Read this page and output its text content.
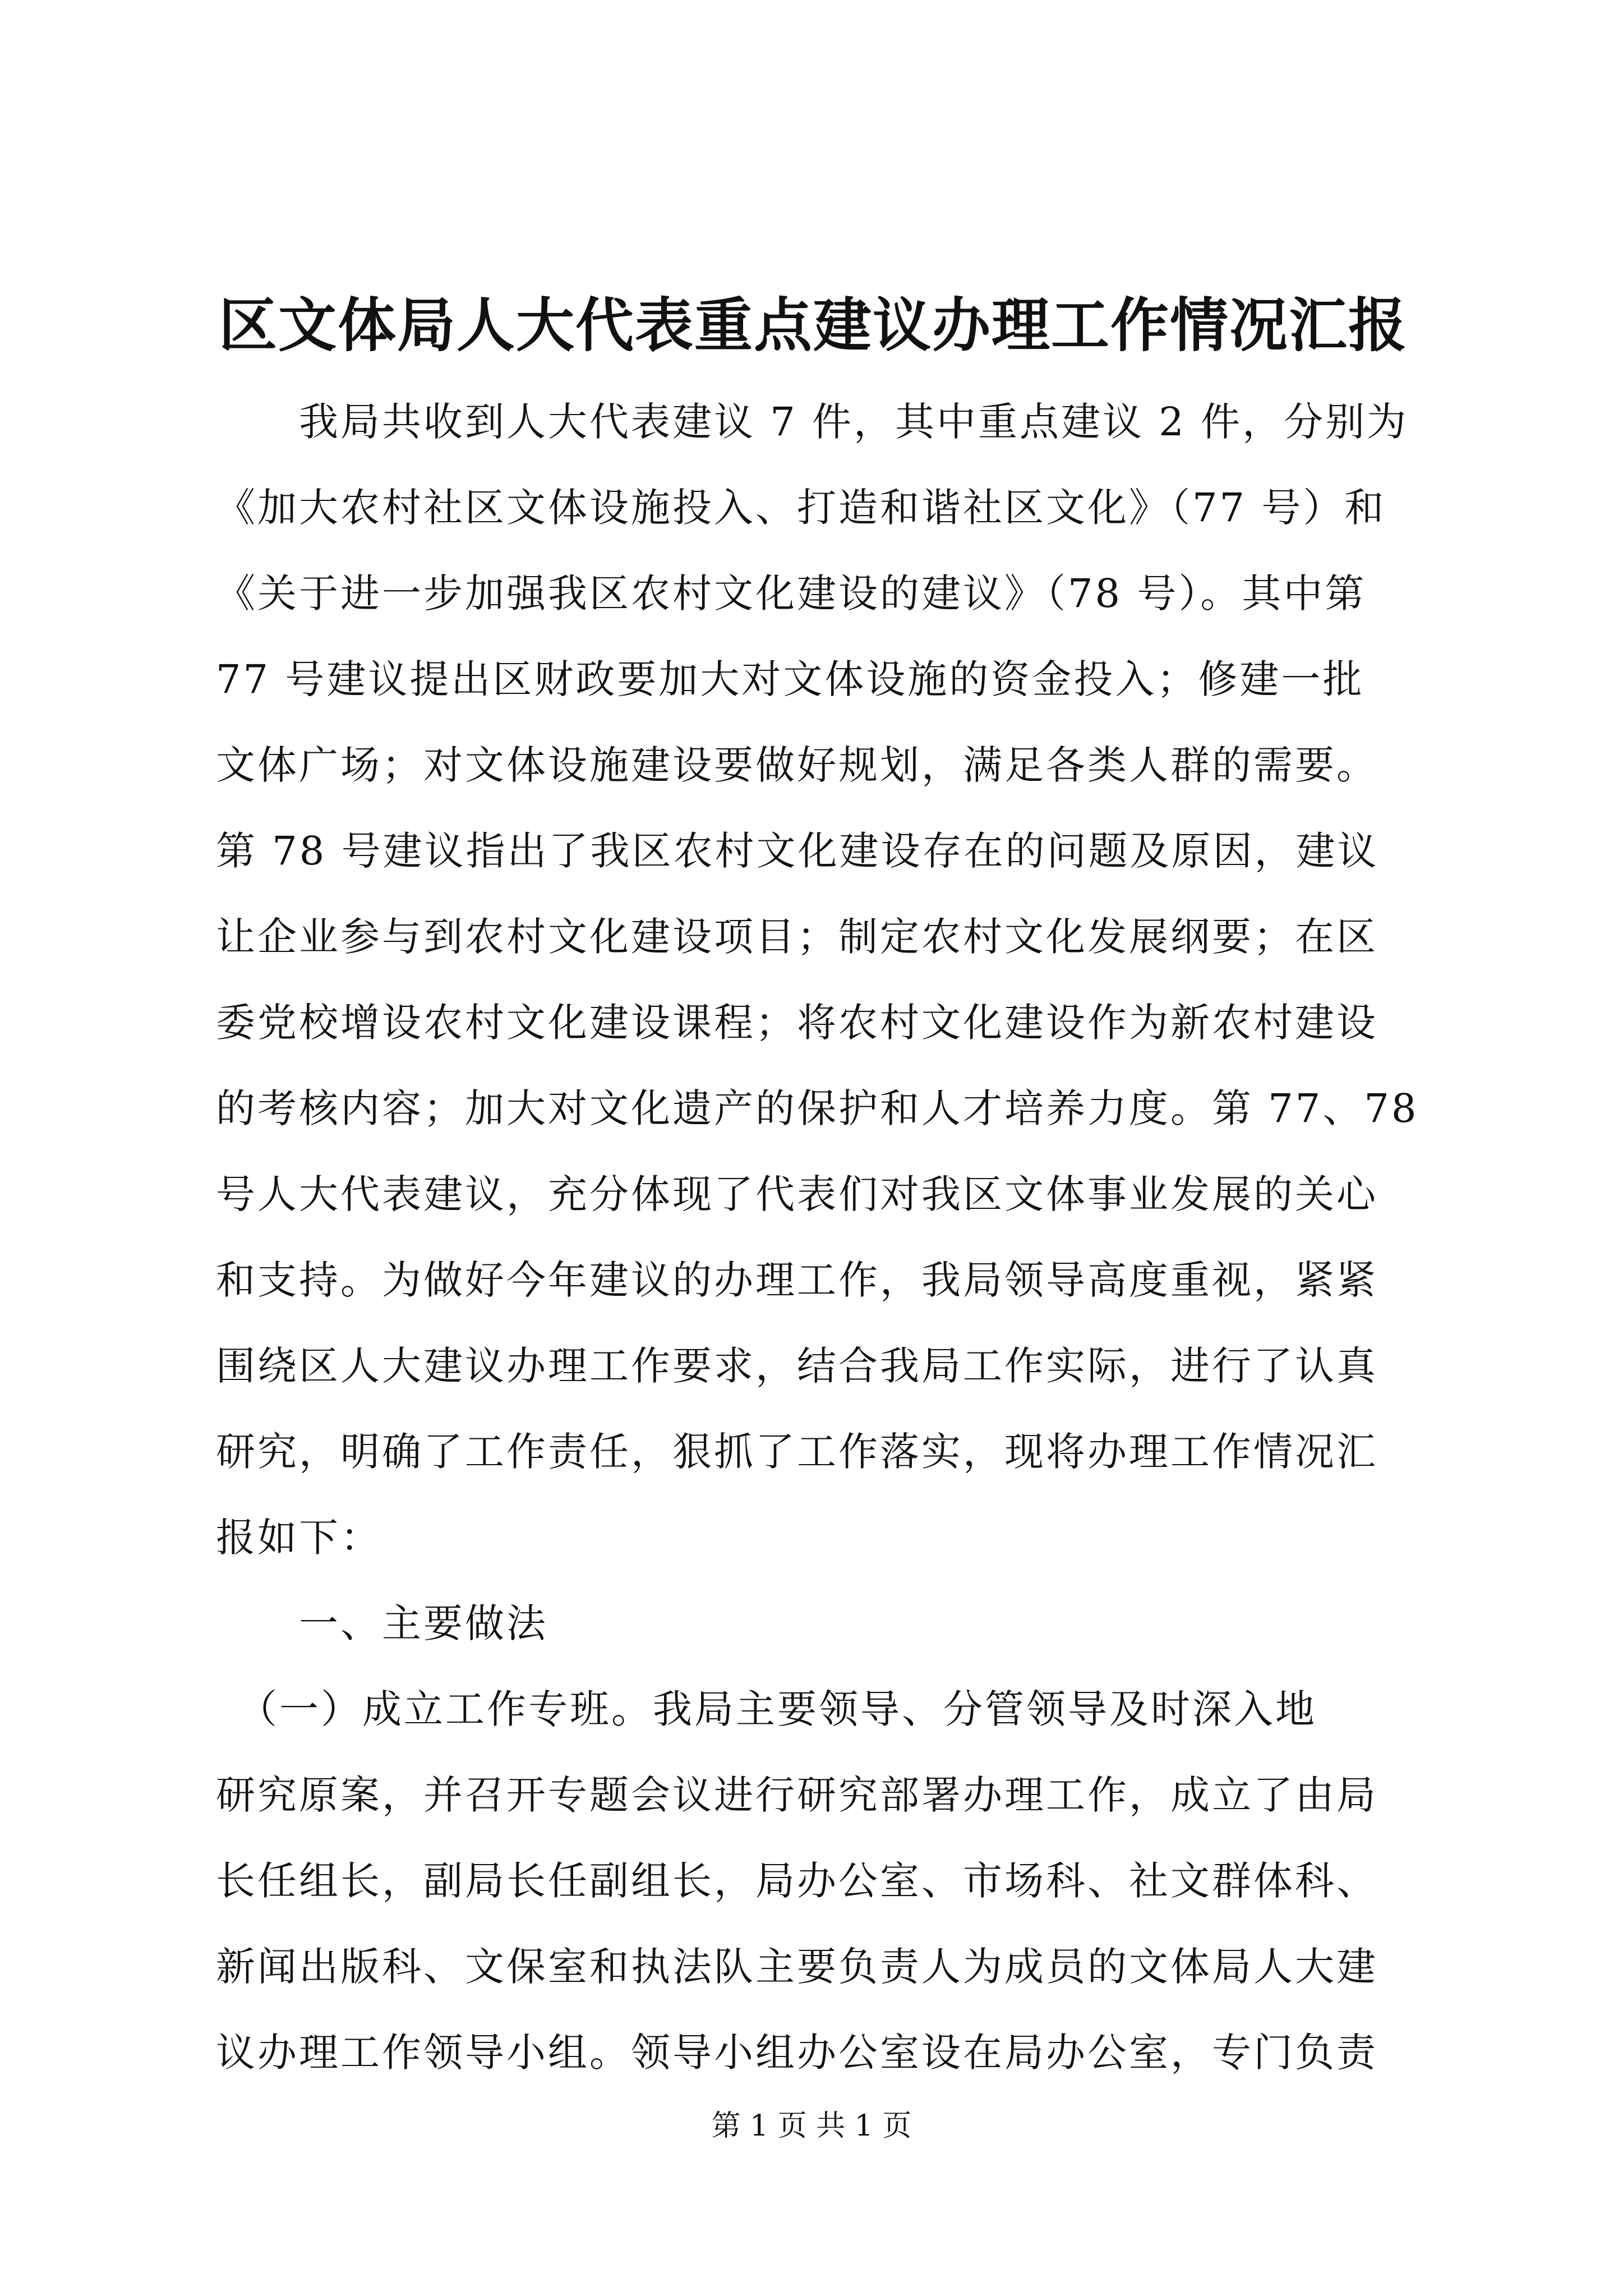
区文体局人大代表重点建议办理工作情况汇报
　　我局共收到人大代表建议 7 件，其中重点建议 2 件，分别为
《加大农村社区文体设施投入、打造和谐社区文化》（77 号）和
《关于进一步加强我区农村文化建设的建议》（78 号）。其中第
77 号建议提出区财政要加大对文体设施的资金投入；修建一批
文体广场；对文体设施建设要做好规划，满足各类人群的需要。
第 78 号建议指出了我区农村文化建设存在的问题及原因，建议
让企业参与到农村文化建设项目；制定农村文化发展纲要；在区
委党校增设农村文化建设课程；将农村文化建设作为新农村建设
的考核内容；加大对文化遗产的保护和人才培养力度。第 77、78
号人大代表建议，充分体现了代表们对我区文体事业发展的关心
和支持。为做好今年建议的办理工作，我局领导高度重视，紧紧
围绕区人大建议办理工作要求，结合我局工作实际，进行了认真
研究，明确了工作责任，狠抓了工作落实，现将办理工作情况汇
报如下：
　　一、主要做法
　（一）成立工作专班。我局主要领导、分管领导及时深入地
研究原案，并召开专题会议进行研究部署办理工作，成立了由局
长任组长，副局长任副组长，局办公室、市场科、社文群体科、
新闻出版科、文保室和执法队主要负责人为成员的文体局人大建
议办理工作领导小组。领导小组办公室设在局办公室，专门负责
第 1 页 共 1 页
